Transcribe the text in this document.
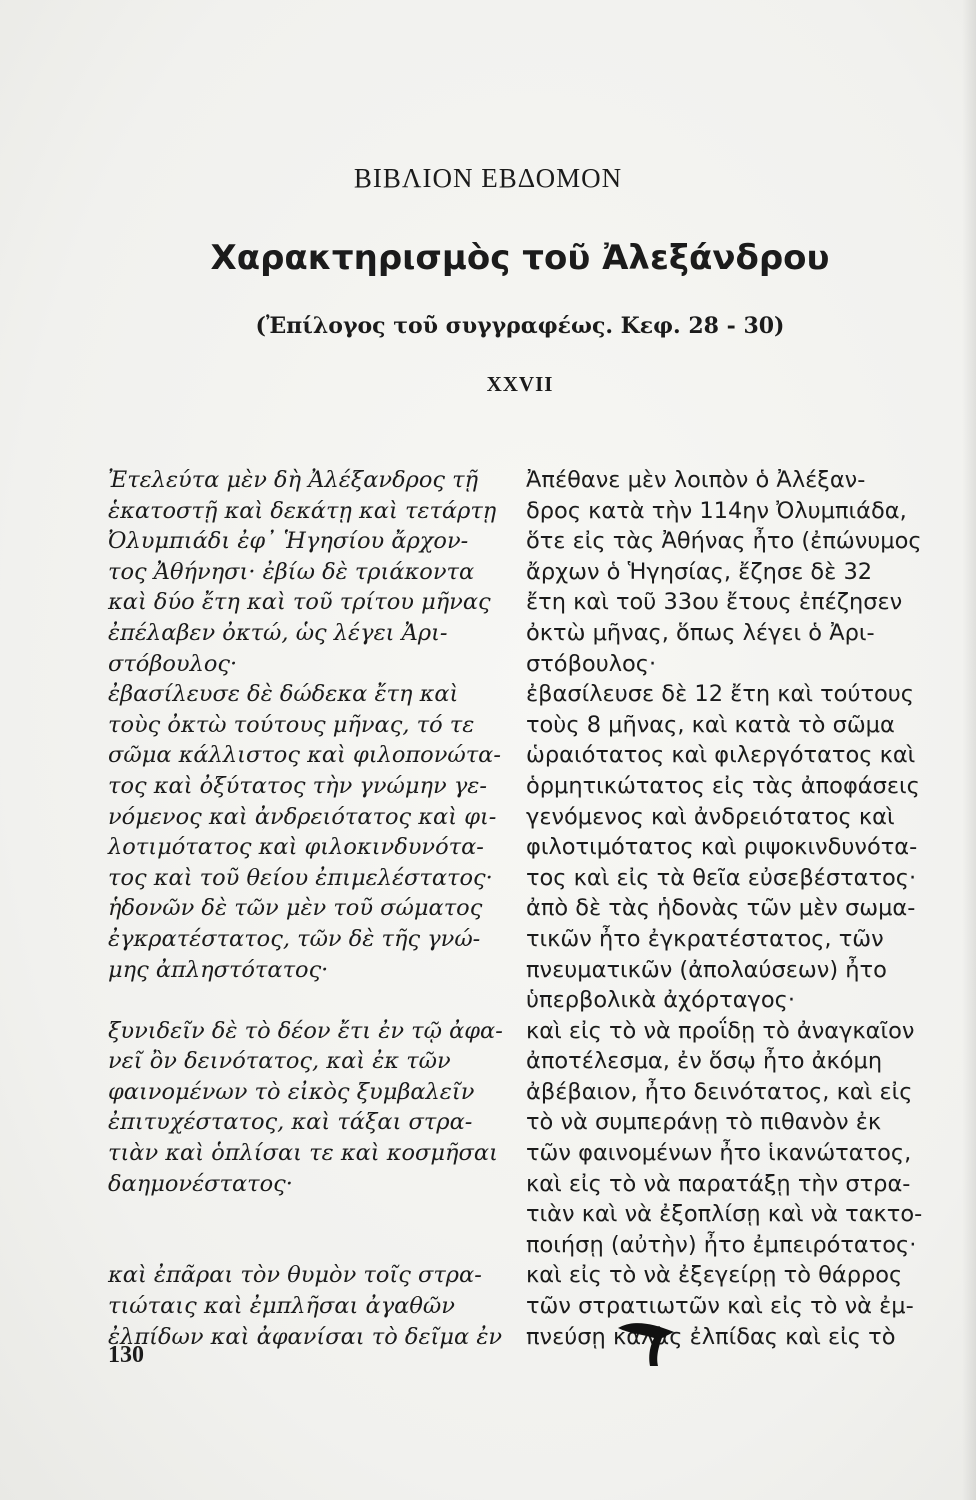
ΒΙΒΛΙΟΝ ΕΒΔΟΜΟΝ
Χαρακτηρισμὸς τοῦ Ἀλεξάνδρου
(Ἐπίλογος τοῦ συγγραφέως. Κεφ. 28 - 30)
XXVII
Ἐτελεύτα μὲν δὴ Ἀλέξανδρος τῇ
ἑκατοστῇ καὶ δεκάτῃ καὶ τετάρτῃ
Ὀλυμπιάδι ἐφ᾽ Ἡγησίου ἄρχον-
τος Ἀθήνησι· ἐβίω δὲ τριάκοντα
καὶ δύο ἔτη καὶ τοῦ τρίτου μῆνας
ἐπέλαβεν ὀκτώ, ὡς λέγει Ἀρι-
στόβουλος·
ἐβασίλευσε δὲ δώδεκα ἔτη καὶ
τοὺς ὀκτὼ τούτους μῆνας, τό τε
σῶμα κάλλιστος καὶ φιλοπονώτα-
τος καὶ ὀξύτατος τὴν γνώμην γε-
νόμενος καὶ ἀνδρειότατος καὶ φι-
λοτιμότατος καὶ φιλοκινδυνότα-
τος καὶ τοῦ θείου ἐπιμελέστατος·
ἡδονῶν δὲ τῶν μὲν τοῦ σώματος
ἐγκρατέστατος, τῶν δὲ τῆς γνώ-
μης ἀπληστότατος·
ξυνιδεῖν δὲ τὸ δέον ἔτι ἐν τῷ ἀφα-
νεῖ ὂν δεινότατος, καὶ ἐκ τῶν
φαινομένων τὸ εἰκὸς ξυμβαλεῖν
ἐπιτυχέστατος, καὶ τάξαι στρα-
τιὰν καὶ ὁπλίσαι τε καὶ κοσμῆσαι
δαημονέστατος·
καὶ ἐπᾶραι τὸν θυμὸν τοῖς στρα-
τιώταις καὶ ἐμπλῆσαι ἀγαθῶν
ἐλπίδων καὶ ἀφανίσαι τὸ δεῖμα ἐν
Ἀπέθανε μὲν λοιπὸν ὁ Ἀλέξαν-
δρος κατὰ τὴν 114ην Ὀλυμπιάδα,
ὅτε εἰς τὰς Ἀθήνας ἦτο (ἐπώνυμος
ἄρχων ὁ Ἡγησίας, ἔζησε δὲ 32
ἔτη καὶ τοῦ 33ου ἔτους ἐπέζησεν
ὀκτὼ μῆνας, ὅπως λέγει ὁ Ἀρι-
στόβουλος·
ἐβασίλευσε δὲ 12 ἔτη καὶ τούτους
τοὺς 8 μῆνας, καὶ κατὰ τὸ σῶμα
ὡραιότατος καὶ φιλεργότατος καὶ
ὁρμητικώτατος εἰς τὰς ἀποφάσεις
γενόμενος καὶ ἀνδρειότατος καὶ
φιλοτιμότατος καὶ ριψοκινδυνότα-
τος καὶ εἰς τὰ θεῖα εὐσεβέστατος·
ἀπὸ δὲ τὰς ἡδονὰς τῶν μὲν σωμα-
τικῶν ἦτο ἐγκρατέστατος, τῶν
πνευματικῶν (ἀπολαύσεων) ἦτο
ὑπερβολικὰ ἀχόρταγος·
καὶ εἰς τὸ νὰ προΐδῃ τὸ ἀναγκαῖον
ἀποτέλεσμα, ἐν ὅσῳ ἦτο ἀκόμη
ἀβέβαιον, ἦτο δεινότατος, καὶ εἰς
τὸ νὰ συμπεράνῃ τὸ πιθανὸν ἐκ
τῶν φαινομένων ἦτο ἱκανώτατος,
καὶ εἰς τὸ νὰ παρατάξῃ τὴν στρα-
τιὰν καὶ νὰ ἐξοπλίσῃ καὶ νὰ τακτο-
ποιήσῃ (αὐτὴν) ἦτο ἐμπειρότατος·
καὶ εἰς τὸ νὰ ἐξεγείρῃ τὸ θάρρος
τῶν στρατιωτῶν καὶ εἰς τὸ νὰ ἐμ-
πνεύσῃ καλὰς ἐλπίδας καὶ εἰς τὸ
130
